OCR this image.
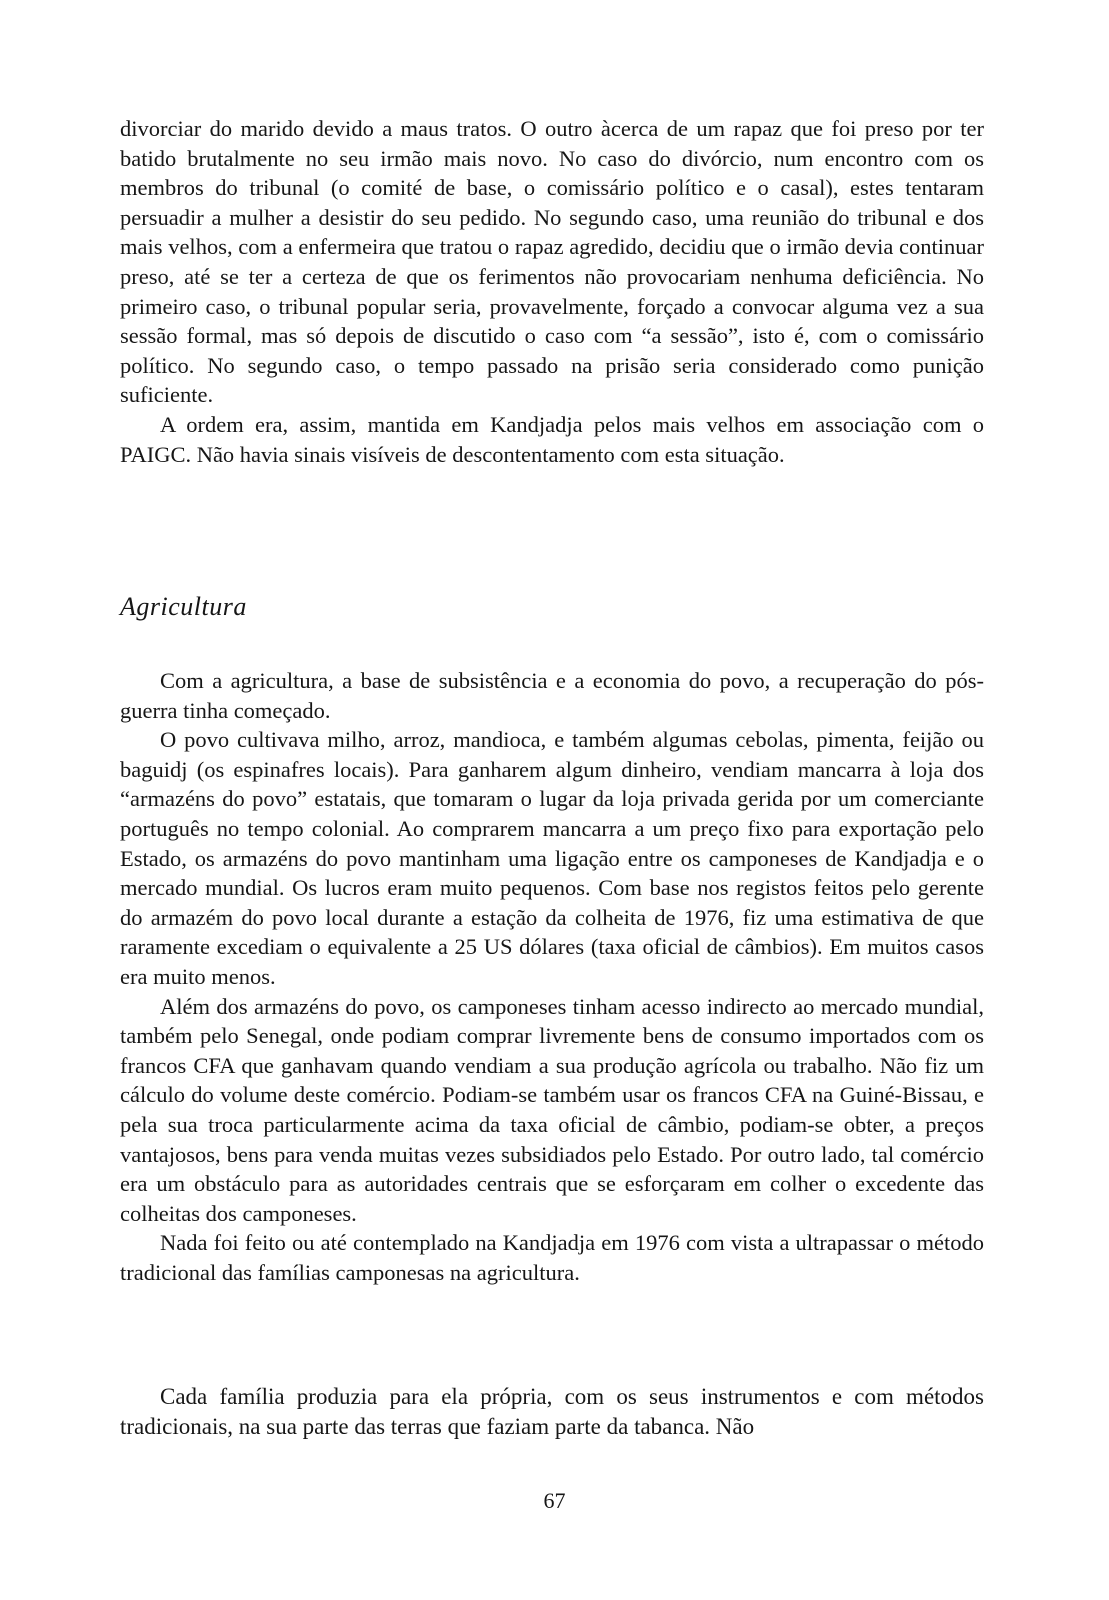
divorciar do marido devido a maus tratos. O outro àcerca de um rapaz que foi preso por ter batido brutalmente no seu irmão mais novo. No caso do divórcio, num encontro com os membros do tribunal (o comité de base, o comissário político e o casal), estes tentaram persuadir a mulher a desistir do seu pedido. No segundo caso, uma reunião do tribunal e dos mais velhos, com a enfermeira que tratou o rapaz agredido, decidiu que o irmão devia continuar preso, até se ter a certeza de que os ferimentos não provocariam nenhuma deficiência. No primeiro caso, o tribunal popular seria, provavelmente, forçado a convocar alguma vez a sua sessão formal, mas só depois de discutido o caso com “a sessão”, isto é, com o comissário político. No segundo caso, o tempo passado na prisão seria considerado como punição suficiente.

A ordem era, assim, mantida em Kandjadja pelos mais velhos em associação com o PAIGC. Não havia sinais visíveis de descontentamento com esta situação.

Agricultura

Com a agricultura, a base de subsistência e a economia do povo, a recuperação do pós-guerra tinha começado.

O povo cultivava milho, arroz, mandioca, e também algumas cebolas, pimenta, feijão ou baguidj (os espinafres locais). Para ganharem algum dinheiro, vendiam mancarra à loja dos “armazéns do povo” estatais, que tomaram o lugar da loja privada gerida por um comerciante português no tempo colonial. Ao comprarem mancarra a um preço fixo para exportação pelo Estado, os armazéns do povo mantinham uma ligação entre os camponeses de Kandjadja e o mercado mundial. Os lucros eram muito pequenos. Com base nos registos feitos pelo gerente do armazém do povo local durante a estação da colheita de 1976, fiz uma estimativa de que raramente excediam o equivalente a 25 US dólares (taxa oficial de câmbios). Em muitos casos era muito menos.

Além dos armazéns do povo, os camponeses tinham acesso indirecto ao mercado mundial, também pelo Senegal, onde podiam comprar livremente bens de consumo importados com os francos CFA que ganhavam quando vendiam a sua produção agrícola ou trabalho. Não fiz um cálculo do volume deste comércio. Podiam-se também usar os francos CFA na Guiné-Bissau, e pela sua troca particularmente acima da taxa oficial de câmbio, podiam-se obter, a preços vantajosos, bens para venda muitas vezes subsidiados pelo Estado. Por outro lado, tal comércio era um obstáculo para as autoridades centrais que se esforçaram em colher o excedente das colheitas dos camponeses.

Nada foi feito ou até contemplado na Kandjadja em 1976 com vista a ultrapassar o método tradicional das famílias camponesas na agricultura.

Cada família produzia para ela própria, com os seus instrumentos e com métodos tradicionais, na sua parte das terras que faziam parte da tabanca. Não

67
